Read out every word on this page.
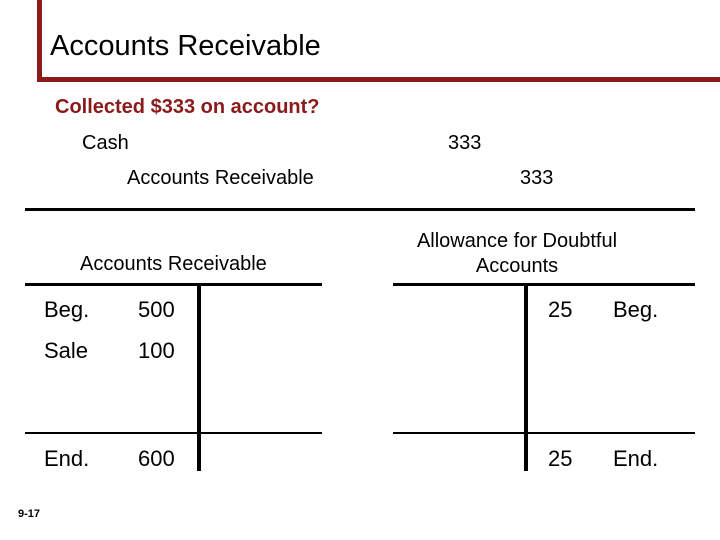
Accounts Receivable
Collected $333 on account?
Cash	333
Accounts Receivable	333
Accounts Receivable
Allowance for Doubtful Accounts
Beg. 500
Sale 100
End. 600
25 Beg.
25 End.
9-17
